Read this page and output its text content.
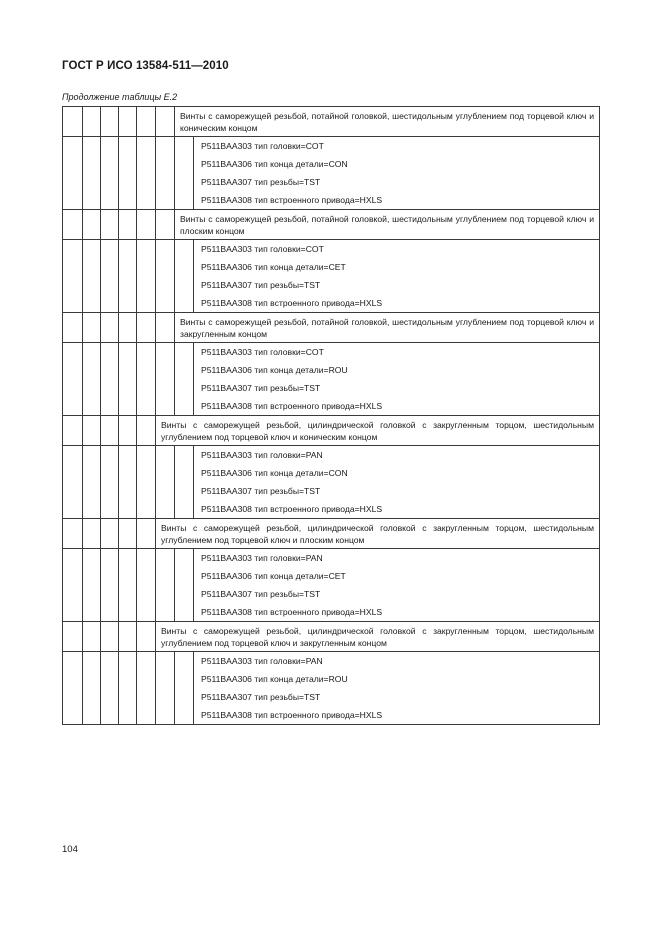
ГОСТ Р ИСО 13584-511—2010
Продолжение таблицы Е.2
Винты с саморежущей резьбой, потайной головкой, шестидольным углублением под торцевой ключ и коническим концом
P511BAA303 тип головки=COT
P511BAA306 тип конца детали=CON
P511BAA307 тип резьбы=TST
P511BAA308 тип встроенного привода=HXLS
Винты с саморежущей резьбой, потайной головкой, шестидольным углублением под торцевой ключ и плоским концом
P511BAA303 тип головки=COT
P511BAA306 тип конца детали=CET
P511BAA307 тип резьбы=TST
P511BAA308 тип встроенного привода=HXLS
Винты с саморежущей резьбой, потайной головкой, шестидольным углублением под торцевой ключ и закругленным концом
P511BAA303 тип головки=COT
P511BAA306 тип конца детали=ROU
P511BAA307 тип резьбы=TST
P511BAA308 тип встроенного привода=HXLS
Винты с саморежущей резьбой, цилиндрической головкой с закругленным торцом, шестидольным углублением под торцевой ключ и коническим концом
P511BAA303 тип головки=PAN
P511BAA306 тип конца детали=CON
P511BAA307 тип резьбы=TST
P511BAA308 тип встроенного привода=HXLS
Винты с саморежущей резьбой, цилиндрической головкой с закругленным торцом, шестидольным углублением под торцевой ключ и плоским концом
P511BAA303 тип головки=PAN
P511BAA306 тип конца детали=CET
P511BAA307 тип резьбы=TST
P511BAA308 тип встроенного привода=HXLS
Винты с саморежущей резьбой, цилиндрической головкой с закругленным торцом, шестидольным углублением под торцевой ключ и закругленным концом
P511BAA303 тип головки=PAN
P511BAA306 тип конца детали=ROU
P511BAA307 тип резьбы=TST
P511BAA308 тип встроенного привода=HXLS
104
